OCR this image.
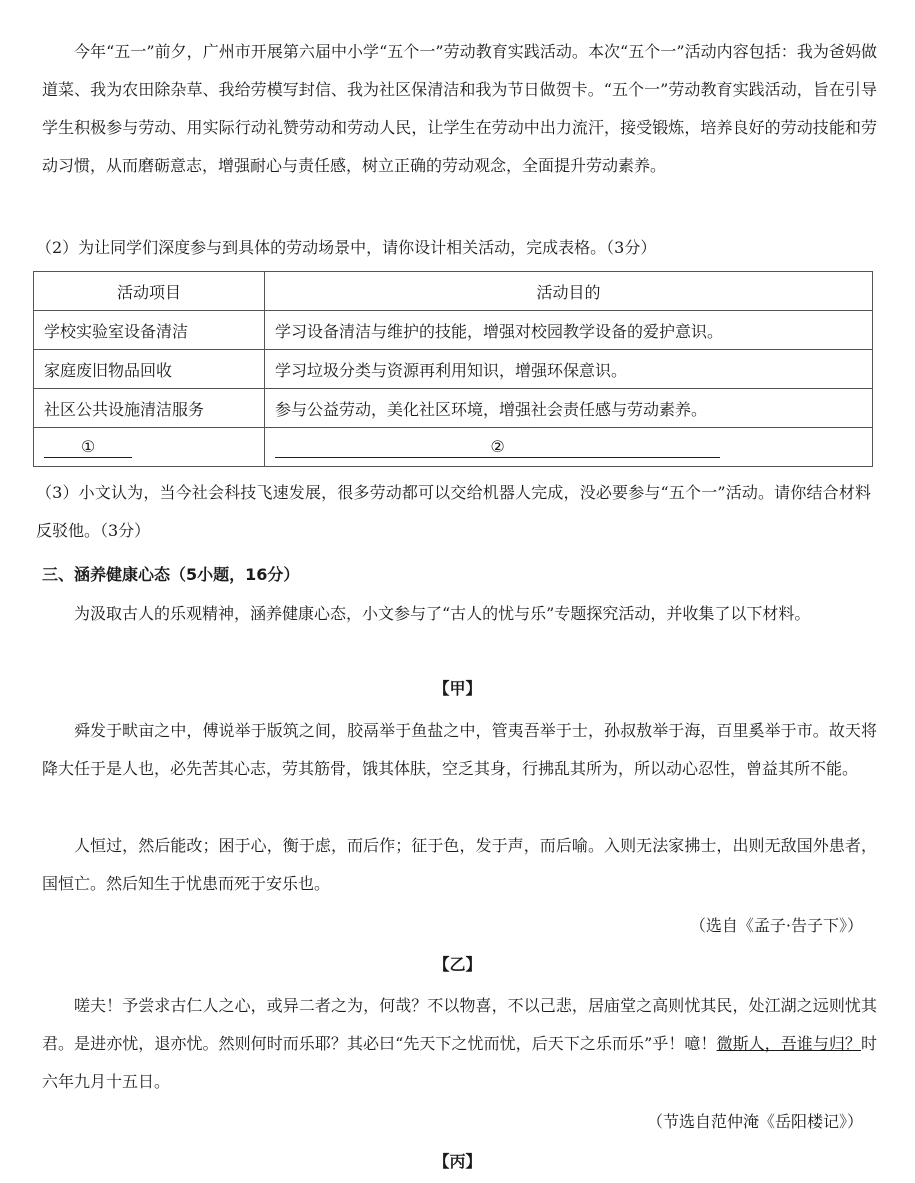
今年“五一”前夕，广州市开展第六届中小学“五个一”劳动教育实践活动。本次“五个一”活动内容包括：我为爸妈做道菜、我为农田除杂草、我给劳模写封信、我为社区保清洁和我为节日做贺卡。“五个一”劳动教育实践活动，旨在引导学生积极参与劳动、用实际行动礼赞劳动和劳动人民，让学生在劳动中出力流汗，接受锻炼，培养良好的劳动技能和劳动习惯，从而磨砺意志，增强耐心与责任感，树立正确的劳动观念，全面提升劳动素养。

（2）为让同学们深度参与到具体的劳动场景中，请你设计相关活动，完成表格。（3分）

活动项目	活动目的
学校实验室设备清洁	学习设备清洁与维护的技能，增强对校园教学设备的爱护意识。
家庭废旧物品回收	学习垃圾分类与资源再利用知识，增强环保意识。
社区公共设施清洁服务	参与公益劳动，美化社区环境，增强社会责任感与劳动素养。
①	②

（3）小文认为，当今社会科技飞速发展，很多劳动都可以交给机器人完成，没必要参与“五个一”活动。请你结合材料反驳他。（3分）

三、涵养健康心态（5小题，16分）

为汲取古人的乐观精神，涵养健康心态，小文参与了“古人的忧与乐”专题探究活动，并收集了以下材料。

【甲】

舜发于畎亩之中，傅说举于版筑之间，胶鬲举于鱼盐之中，管夷吾举于士，孙叔敖举于海，百里奚举于市。故天将降大任于是人也，必先苦其心志，劳其筋骨，饿其体肤，空乏其身，行拂乱其所为，所以动心忍性，曾益其所不能。

人恒过，然后能改；困于心，衡于虑，而后作；征于色，发于声，而后喻。入则无法家拂士，出则无敌国外患者，国恒亡。然后知生于忧患而死于安乐也。

（选自《孟子·告子下》）

【乙】

嗟夫！予尝求古仁人之心，或异二者之为，何哉？不以物喜，不以己悲，居庙堂之高则忧其民，处江湖之远则忧其君。是进亦忧，退亦忧。然则何时而乐耶？其必曰“先天下之忧而忧，后天下之乐而乐”乎！噫！微斯人，吾谁与归？时六年九月十五日。

（节选自范仲淹《岳阳楼记》）

【丙】
